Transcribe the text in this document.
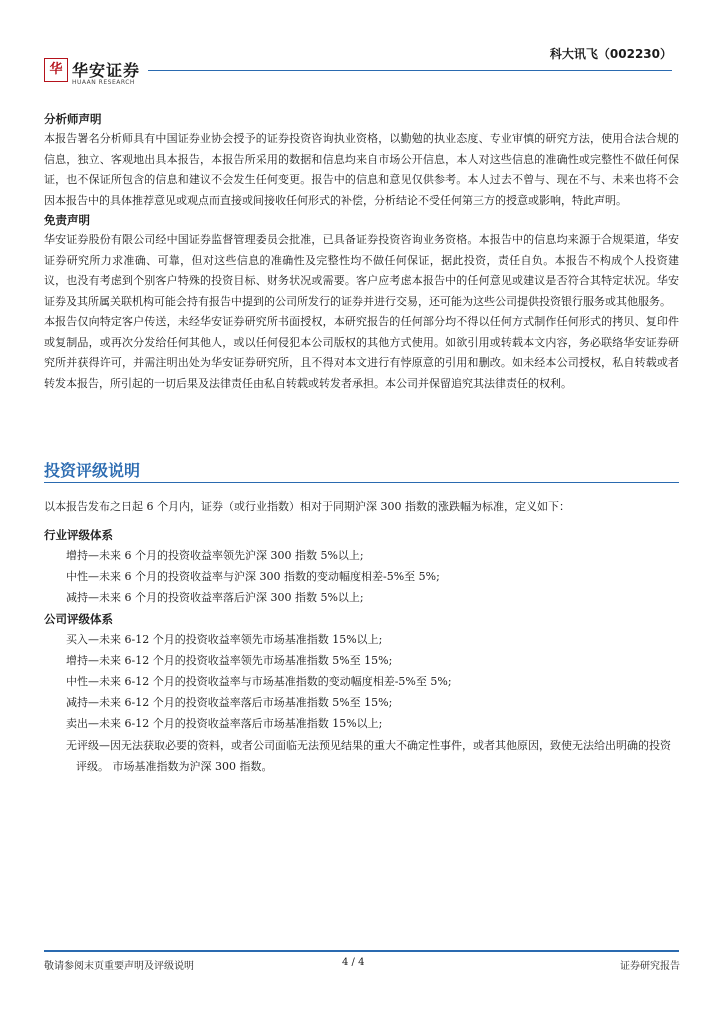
华 华安证券
HUAAN RESEARCH
科大讯飞（002230）

分析师声明

本报告署名分析师具有中国证券业协会授予的证券投资咨询执业资格，以勤勉的执业态度、专业审慎的研究方法，使用合法合规的信息，独立、客观地出具本报告，本报告所采用的数据和信息均来自市场公开信息，本人对这些信息的准确性或完整性不做任何保证，也不保证所包含的信息和建议不会发生任何变更。报告中的信息和意见仅供参考。本人过去不曾与、现在不与、未来也将不会因本报告中的具体推荐意见或观点而直接或间接收任何形式的补偿，分析结论不受任何第三方的授意或影响，特此声明。

免责声明

华安证券股份有限公司经中国证券监督管理委员会批准，已具备证券投资咨询业务资格。本报告中的信息均来源于合规渠道，华安证券研究所力求准确、可靠，但对这些信息的准确性及完整性均不做任何保证，据此投资，责任自负。本报告不构成个人投资建议，也没有考虑到个别客户特殊的投资目标、财务状况或需要。客户应考虑本报告中的任何意见或建议是否符合其特定状况。华安证券及其所属关联机构可能会持有报告中提到的公司所发行的证券并进行交易，还可能为这些公司提供投资银行服务或其他服务。

本报告仅向特定客户传送，未经华安证券研究所书面授权，本研究报告的任何部分均不得以任何方式制作任何形式的拷贝、复印件或复制品，或再次分发给任何其他人，或以任何侵犯本公司版权的其他方式使用。如欲引用或转载本文内容，务必联络华安证券研究所并获得许可，并需注明出处为华安证券研究所，且不得对本文进行有悖原意的引用和删改。如未经本公司授权，私自转载或者转发本报告，所引起的一切后果及法律责任由私自转载或转发者承担。本公司并保留追究其法律责任的权利。

投资评级说明

以本报告发布之日起 6 个月内，证券（或行业指数）相对于同期沪深 300 指数的涨跌幅为标准，定义如下：

行业评级体系

增持—未来 6 个月的投资收益率领先沪深 300 指数 5%以上;

中性—未来 6 个月的投资收益率与沪深 300 指数的变动幅度相差-5%至 5%;

减持—未来 6 个月的投资收益率落后沪深 300 指数 5%以上;

公司评级体系

买入—未来 6-12 个月的投资收益率领先市场基准指数 15%以上;

增持—未来 6-12 个月的投资收益率领先市场基准指数 5%至 15%;

中性—未来 6-12 个月的投资收益率与市场基准指数的变动幅度相差-5%至 5%;

减持—未来 6-12 个月的投资收益率落后市场基准指数 5%至 15%;

卖出—未来 6-12 个月的投资收益率落后市场基准指数 15%以上;

无评级—因无法获取必要的资料，或者公司面临无法预见结果的重大不确定性事件，或者其他原因，致使无法给出明确的投资评级。 市场基准指数为沪深 300 指数。

敬请参阅末页重要声明及评级说明	4 / 4	证券研究报告
